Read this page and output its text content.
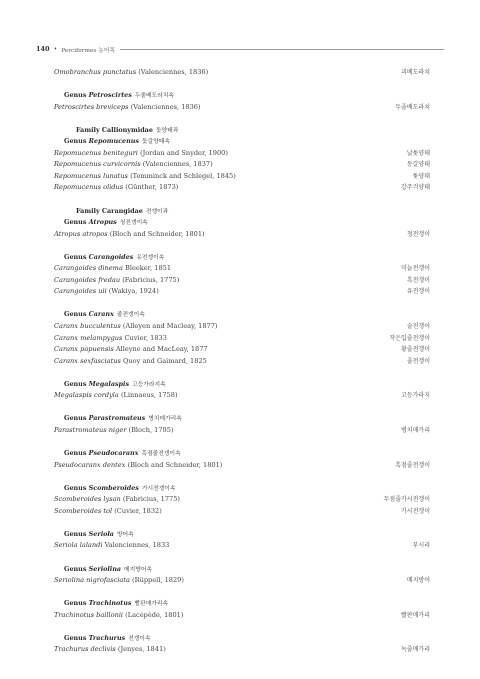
140 • Perciformes 농어목
Omobranchus punctatus (Valenciennes, 1836)	괴베도라치
Genus Petroscirtes 두줄베도라치속
Petroscirtes breviceps (Valenciennes, 1836)	두줄베도라치
Family Callionymidae 돛양태과
Genus Repomucenus 돛갈양태속
Repomucenus beniteguri (Jordan and Snyder, 1900)	날돛양태
Repomucenus curvicornis (Valenciennes, 1837)	동갈양태
Repomucenus lunatus (Temminck and Schlegel, 1845)	돛양태
Repomucenus olidus (Günther, 1873)	강주걱양태
Family Carangidae 전갱이과
Genus Atropus 청전갱이속
Atropus atropos (Bloch and Schneider, 1801)	청전갱이
Genus Carangoides 유전갱이속
Carangoides dinema Bleeker, 1851	미늘전갱이
Carangoides fredau (Fabricius, 1775)	흑전갱이
Carangoides uii (Wakiya, 1924)	유전갱이
Genus Caranx 줄전갱이속
Caranx bucculentus (Alleyen and Macleay, 1877)	술전갱이
Caranx melampygus Cuvier, 1833	작은입줄전갱이
Caranx papuensis Alleyne and MacLeay, 1877	황줄전갱이
Caranx sexfasciatus Quoy and Gaimard, 1825	줄전갱이
Genus Megalaspis 고등가라지속
Megalaspis cordyla (Linnaeus, 1758)	고등가라지
Genus Parastromateus 병치매가리속
Parastromateus niger (Bloch, 1795)	병치매가리
Genus Pseudocaranx 흑점줄전갱이속
Pseudocaranx dentex (Bloch and Schneider, 1801)	흑점줄전갱이
Genus Scomberoides 가시전갱이속
Scomberoides lysan (Fabricius, 1775)	두점줄가시전갱이
Scomberoides tol (Cuvier, 1832)	가시전갱이
Genus Seriola 방어속
Seriola lalandi Valenciennes, 1833	부시리
Genus Seriolina 메지방어속
Seriolina nigrofasciata (Rüppell, 1829)	메지방어
Genus Trachinotus 빨판매가리속
Trachinotus baillonii (Lacépède, 1801)	빨판매가리
Genus Trachurus 전갱이속
Trachurus declivis (Jenyes, 1841)	녹줄매가리
